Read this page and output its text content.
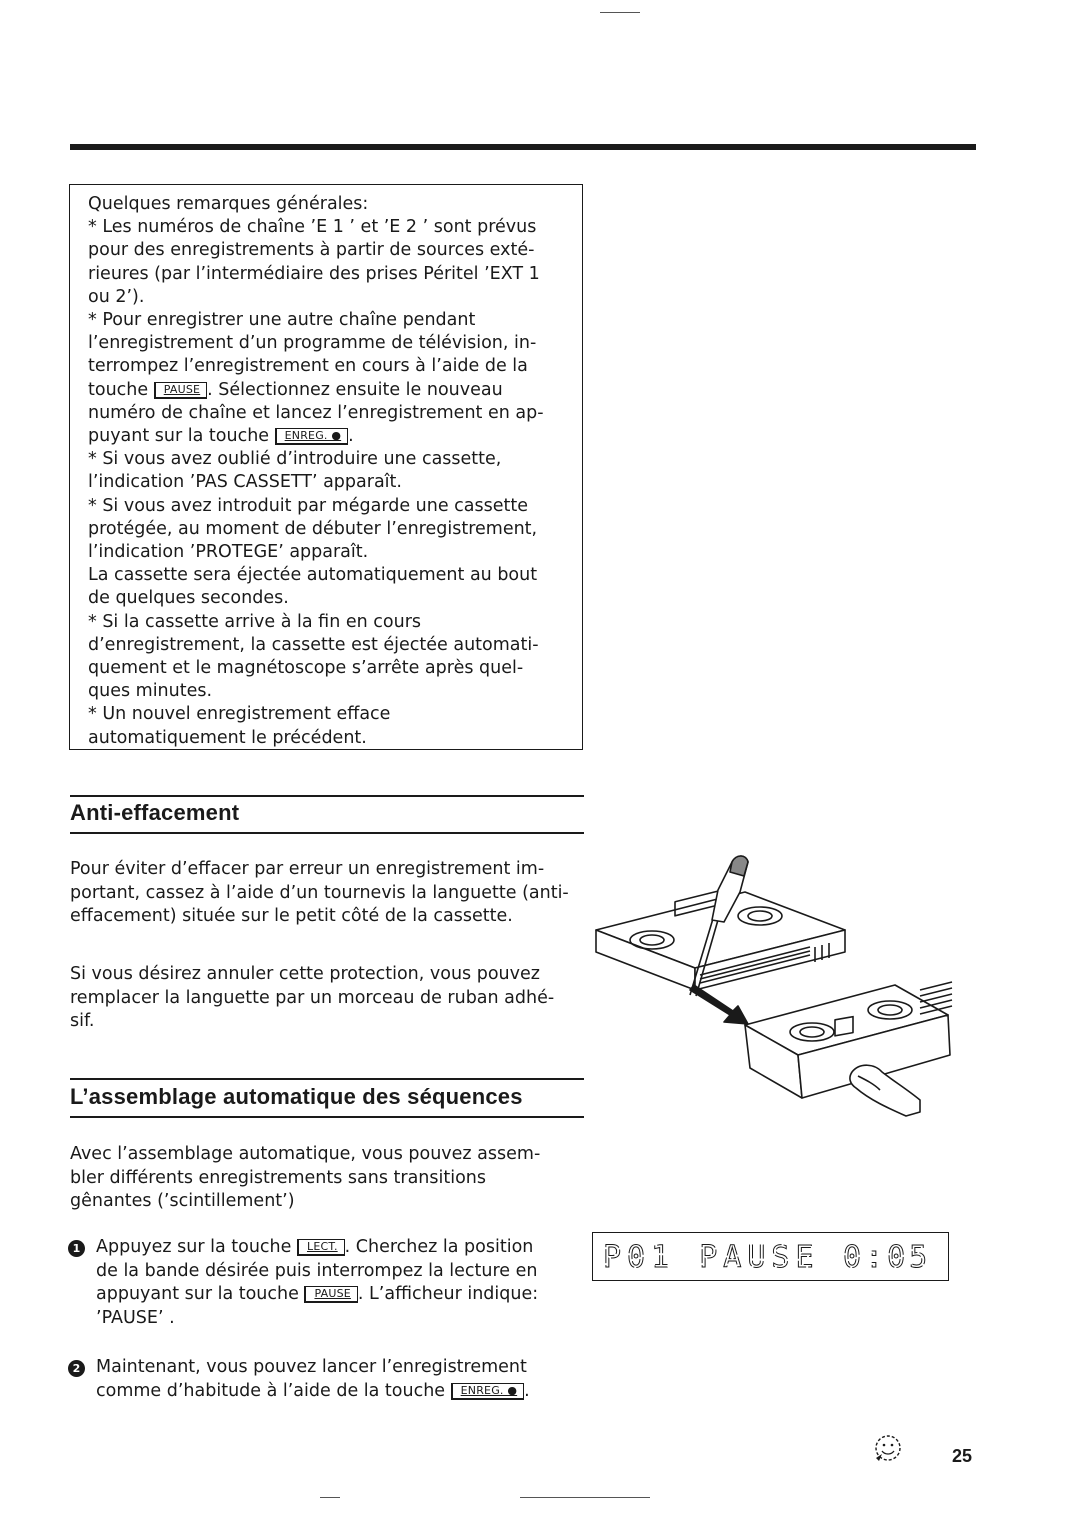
Quelques remarques générales:

* Les numéros de chaîne ’E 1 ’ et ’E 2 ’ sont prévus

pour des enregistrements à partir de sources exté-

rieures (par l’intermédiaire des prises Péritel ’EXT 1

ou 2’).

* Pour enregistrer une autre chaîne pendant

l’enregistrement d’un programme de télévision, in-

terrompez l’enregistrement en cours à l’aide de la

touche PAUSE . Sélectionnez ensuite le nouveau

numéro de chaîne et lancez l’enregistrement en ap-

puyant sur la touche ENREG. ● .

* Si vous avez oublié d’introduire une cassette,

l’indication ’PAS CASSETT’ apparaît.

* Si vous avez introduit par mégarde une cassette

protégée, au moment de débuter l’enregistrement,

l’indication ’PROTEGE’ apparaît.

La cassette sera éjectée automatiquement au bout

de quelques secondes.

* Si la cassette arrive à la fin en cours

d’enregistrement, la cassette est éjectée automati-

quement et le magnétoscope s’arrête après quel-

ques minutes.

* Un nouvel enregistrement efface

automatiquement le précédent.

Anti-effacement

Pour éviter d’effacer par erreur un enregistrement im-

portant, cassez à l’aide d’un tournevis la languette (anti-

effacement) située sur le petit côté de la cassette.

Si vous désirez annuler cette protection, vous pouvez

remplacer la languette par un morceau de ruban adhé-

sif.

L’assemblage automatique des séquences

Avec l’assemblage automatique, vous pouvez assem-

bler différents enregistrements sans transitions

gênantes (’scintillement’)

1 Appuyez sur la touche LECT. . Cherchez la position
de la bande désirée puis interrompez la lecture en
appuyant sur la touche PAUSE . L’afficheur indique:
’PAUSE’ .
2 Maintenant, vous pouvez lancer l’enregistrement
comme d’habitude à l’aide de la touche ENREG. ● .
P01 PAUSE 0:05
25
